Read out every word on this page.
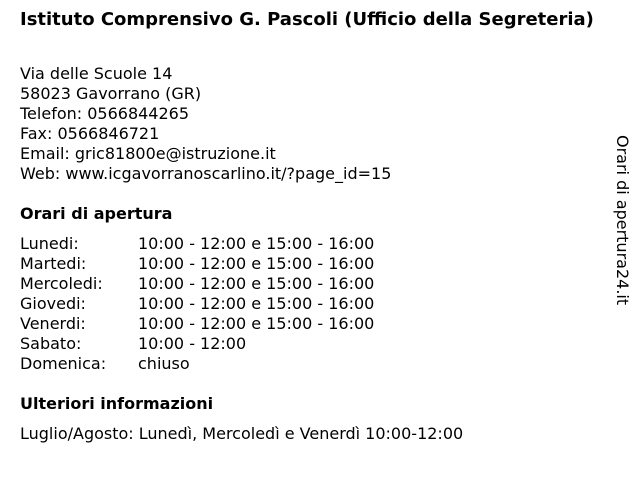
Istituto Comprensivo G. Pascoli (Ufficio della Segreteria)
Via delle Scuole 14
58023 Gavorrano (GR)
Telefon: 0566844265
Fax: 0566846721
Email: gric81800e@istruzione.it
Web: www.icgavorranoscarlino.it/?page_id=15
Orari di apertura
Lunedi:	10:00 - 12:00 e 15:00 - 16:00
Martedi:	10:00 - 12:00 e 15:00 - 16:00
Mercoledi:	10:00 - 12:00 e 15:00 - 16:00
Giovedi:	10:00 - 12:00 e 15:00 - 16:00
Venerdi:	10:00 - 12:00 e 15:00 - 16:00
Sabato:	10:00 - 12:00
Domenica:	chiuso
Ulteriori informazioni
Luglio/Agosto: Lunedì, Mercoledì e Venerdì 10:00-12:00
Orari di apertura24.it
